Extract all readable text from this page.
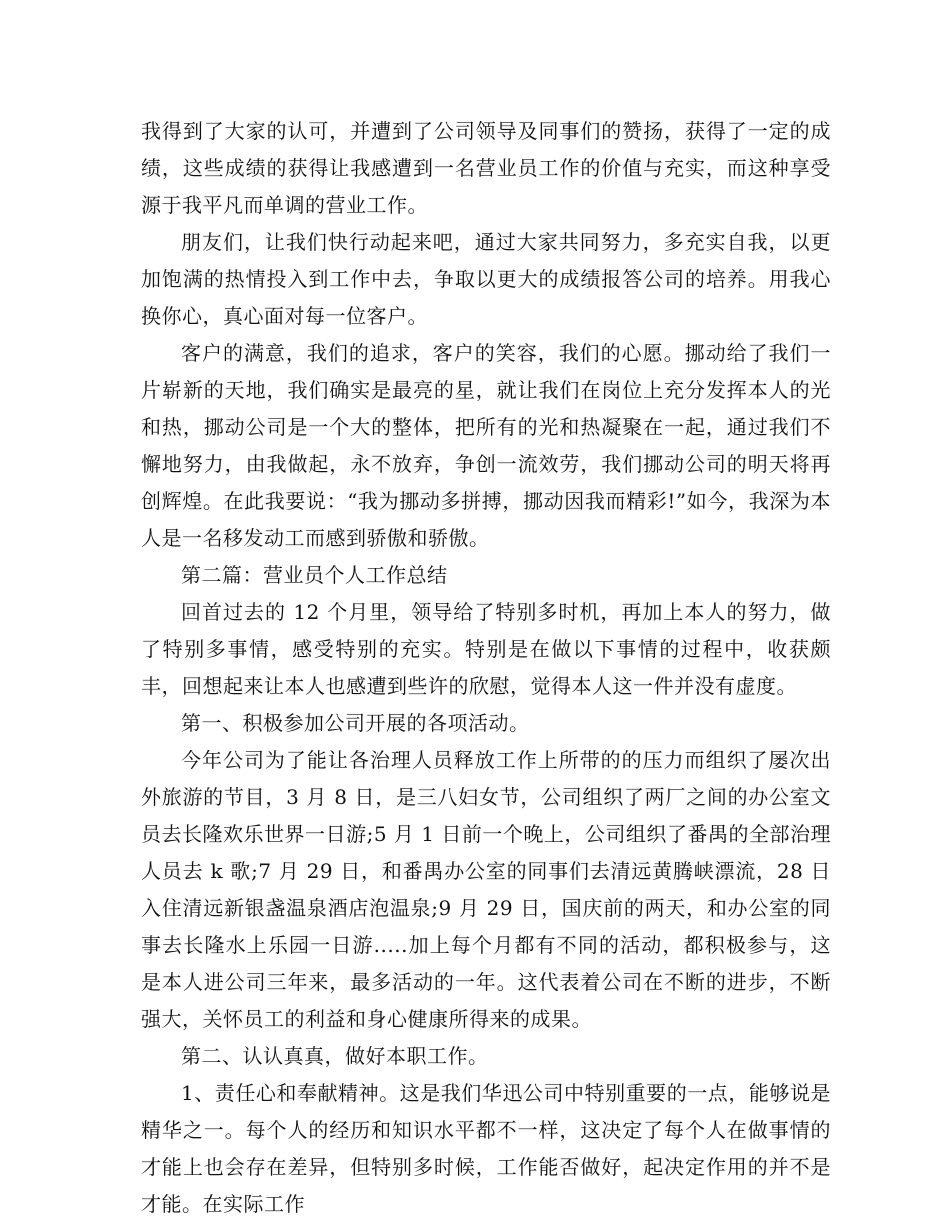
我得到了大家的认可，并遭到了公司领导及同事们的赞扬，获得了一定的成绩，这些成绩的获得让我感遭到一名营业员工作的价值与充实，而这种享受源于我平凡而单调的营业工作。

朋友们，让我们快行动起来吧，通过大家共同努力，多充实自我，以更加饱满的热情投入到工作中去，争取以更大的成绩报答公司的培养。用我心换你心，真心面对每一位客户。

客户的满意，我们的追求，客户的笑容，我们的心愿。挪动给了我们一片崭新的天地，我们确实是最亮的星，就让我们在岗位上充分发挥本人的光和热，挪动公司是一个大的整体，把所有的光和热凝聚在一起，通过我们不懈地努力，由我做起，永不放弃，争创一流效劳，我们挪动公司的明天将再创辉煌。在此我要说：“我为挪动多拼搏，挪动因我而精彩!”如今，我深为本人是一名移发动工而感到骄傲和骄傲。

第二篇：营业员个人工作总结

回首过去的 12 个月里，领导给了特别多时机，再加上本人的努力，做了特别多事情，感受特别的充实。特别是在做以下事情的过程中，收获颇丰，回想起来让本人也感遭到些许的欣慰，觉得本人这一件并没有虚度。

第一、积极参加公司开展的各项活动。

今年公司为了能让各治理人员释放工作上所带的的压力而组织了屡次出外旅游的节目，3 月 8 日，是三八妇女节，公司组织了两厂之间的办公室文员去长隆欢乐世界一日游;5 月 1 日前一个晚上，公司组织了番禺的全部治理人员去 k 歌;7 月 29 日，和番禺办公室的同事们去清远黄腾峡漂流，28 日入住清远新银盏温泉酒店泡温泉;9 月 29 日，国庆前的两天，和办公室的同事去长隆水上乐园一日游.....加上每个月都有不同的活动，都积极参与，这是本人进公司三年来，最多活动的一年。这代表着公司在不断的进步，不断强大，关怀员工的利益和身心健康所得来的成果。

第二、认认真真，做好本职工作。

1、责任心和奉献精神。这是我们华迅公司中特别重要的一点，能够说是精华之一。每个人的经历和知识水平都不一样，这决定了每个人在做事情的才能上也会存在差异，但特别多时候，工作能否做好，起决定作用的并不是才能。在实际工作
